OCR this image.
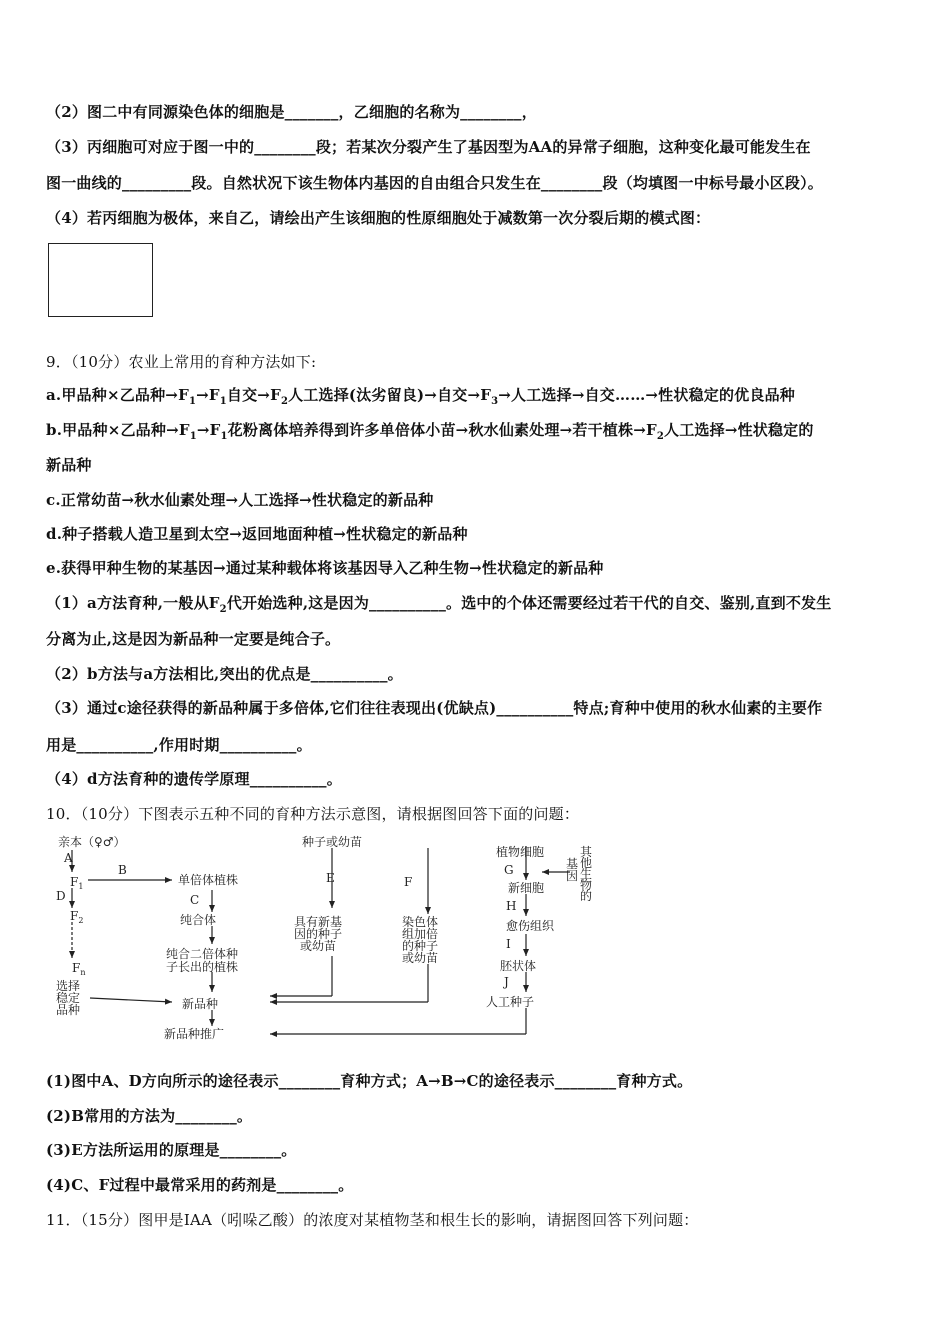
（2）图二中有同源染色体的细胞是_______，乙细胞的名称为________，
（3）丙细胞可对应于图一中的________段；若某次分裂产生了基因型为AA的异常子细胞，这种变化最可能发生在
图一曲线的_________段。自然状况下该生物体内基因的自由组合只发生在________段（均填图一中标号最小区段）。
（4）若丙细胞为极体，来自乙，请绘出产生该细胞的性原细胞处于减数第一次分裂后期的模式图：
9．（10分）农业上常用的育种方法如下:
a.甲品种×乙品种$\to F_1\to F_1$自交$\to F_2$人工选择(汰劣留良)→自交$\to F_3\to$人工选择→自交……→性状稳定的优良品种
b.甲品种×乙品种$\to F_1\to F_1$花粉离体培养得到许多单倍体小苗→秋水仙素处理→若干植株$\to F_2$人工选择→性状稳定的
新品种
c.正常幼苗→秋水仙素处理→人工选择→性状稳定的新品种
d.种子搭载人造卫星到太空→返回地面种植→性状稳定的新品种
e.获得甲种生物的某基因→通过某种载体将该基因导入乙种生物→性状稳定的新品种
（1）a方法育种,一般从$F_2$代开始选种,这是因为__________。选中的个体还需要经过若干代的自交、鉴别,直到不发生
分离为止,这是因为新品种一定要是纯合子。
（2）b方法与a方法相比,突出的优点是__________。
（3）通过c途径获得的新品种属于多倍体,它们往往表现出(优缺点)__________特点;育种中使用的秋水仙素的主要作
用是__________,作用时期__________。
（4）d方法育种的遗传学原理__________。
10．（10分）下图表示五种不同的育种方法示意图，请根据图回答下面的问题：
亲本（♀♂）
A
$F_1$
B
D
$F_2$
$F_n$
选择
稳定
品种
单倍体植株
C
纯合体
纯合二倍体种
子长出的植株
新品种
新品种推广
种子或幼苗
E	F
具有新基
因的种子
或幼苗
染色体
组加倍
的种子
或幼苗
植物细胞	其
他
生
物
的
基
因
G
新细胞
H
愈伤组织
I
胚状体
J
人工种子
(1)图中A、D方向所示的途径表示________育种方式；A→B→C的途径表示________育种方式。
(2)B常用的方法为________。
(3)E方法所运用的原理是________。
(4)C、F过程中最常采用的药剂是________。
11．（15分）图甲是IAA（吲哚乙酸）的浓度对某植物茎和根生长的影响，请据图回答下列问题：
